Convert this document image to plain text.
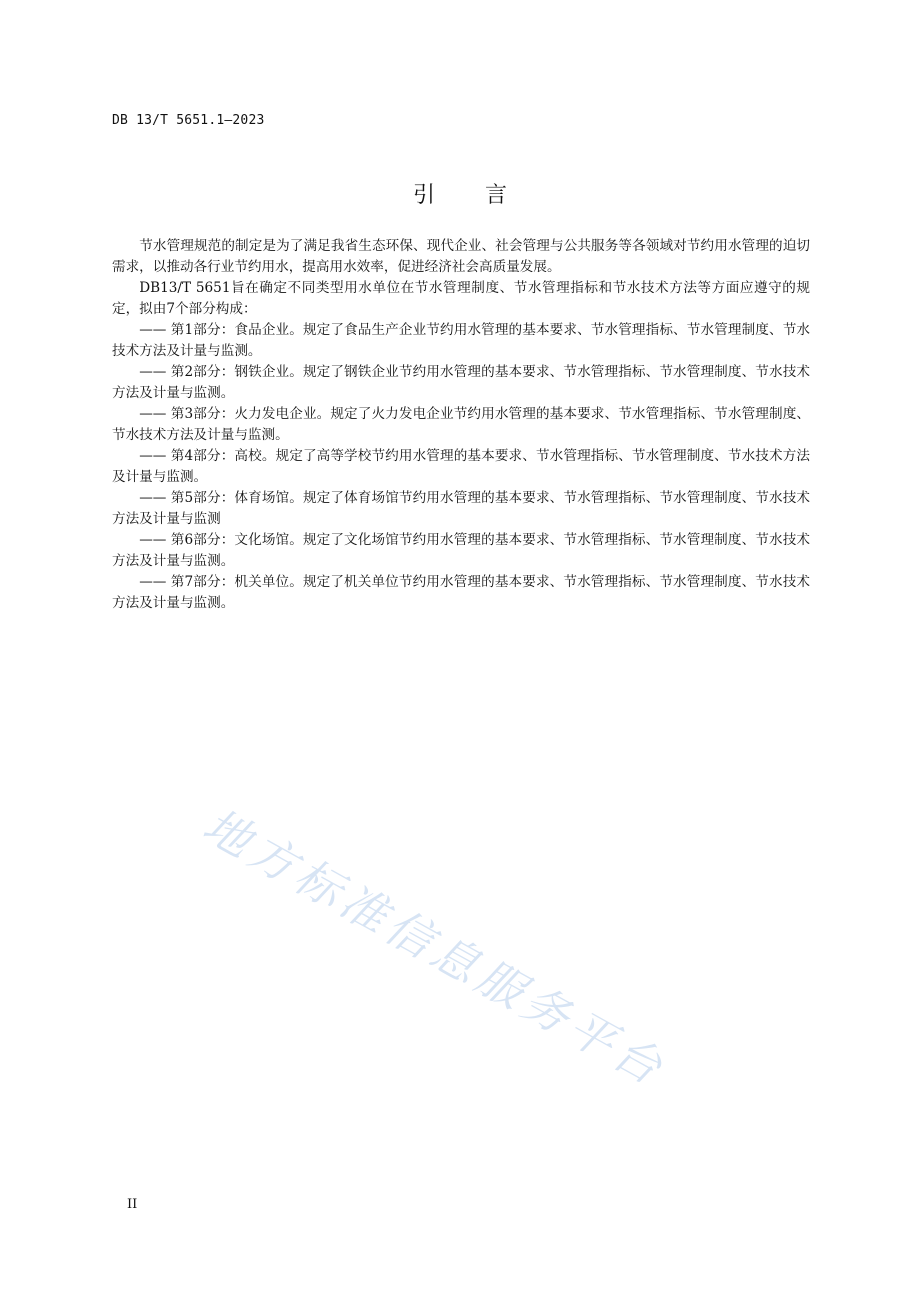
DB 13/T 5651.1—2023
引言

节水管理规范的制定是为了满足我省生态环保、现代企业、社会管理与公共服务等各领域对节约用水管理的迫切需求，以推动各行业节约用水，提高用水效率，促进经济社会高质量发展。

DB13/T 5651旨在确定不同类型用水单位在节水管理制度、节水管理指标和节水技术方法等方面应遵守的规定，拟由7个部分构成：

—— 第1部分：食品企业。规定了食品生产企业节约用水管理的基本要求、节水管理指标、节水管理制度、节水技术方法及计量与监测。

—— 第2部分：钢铁企业。规定了钢铁企业节约用水管理的基本要求、节水管理指标、节水管理制度、节水技术方法及计量与监测。

—— 第3部分：火力发电企业。规定了火力发电企业节约用水管理的基本要求、节水管理指标、节水管理制度、节水技术方法及计量与监测。

—— 第4部分：高校。规定了高等学校节约用水管理的基本要求、节水管理指标、节水管理制度、节水技术方法及计量与监测。

—— 第5部分：体育场馆。规定了体育场馆节约用水管理的基本要求、节水管理指标、节水管理制度、节水技术方法及计量与监测

—— 第6部分：文化场馆。规定了文化场馆节约用水管理的基本要求、节水管理指标、节水管理制度、节水技术方法及计量与监测。

—— 第7部分：机关单位。规定了机关单位节约用水管理的基本要求、节水管理指标、节水管理制度、节水技术方法及计量与监测。

地方标准信息服务平台
II
